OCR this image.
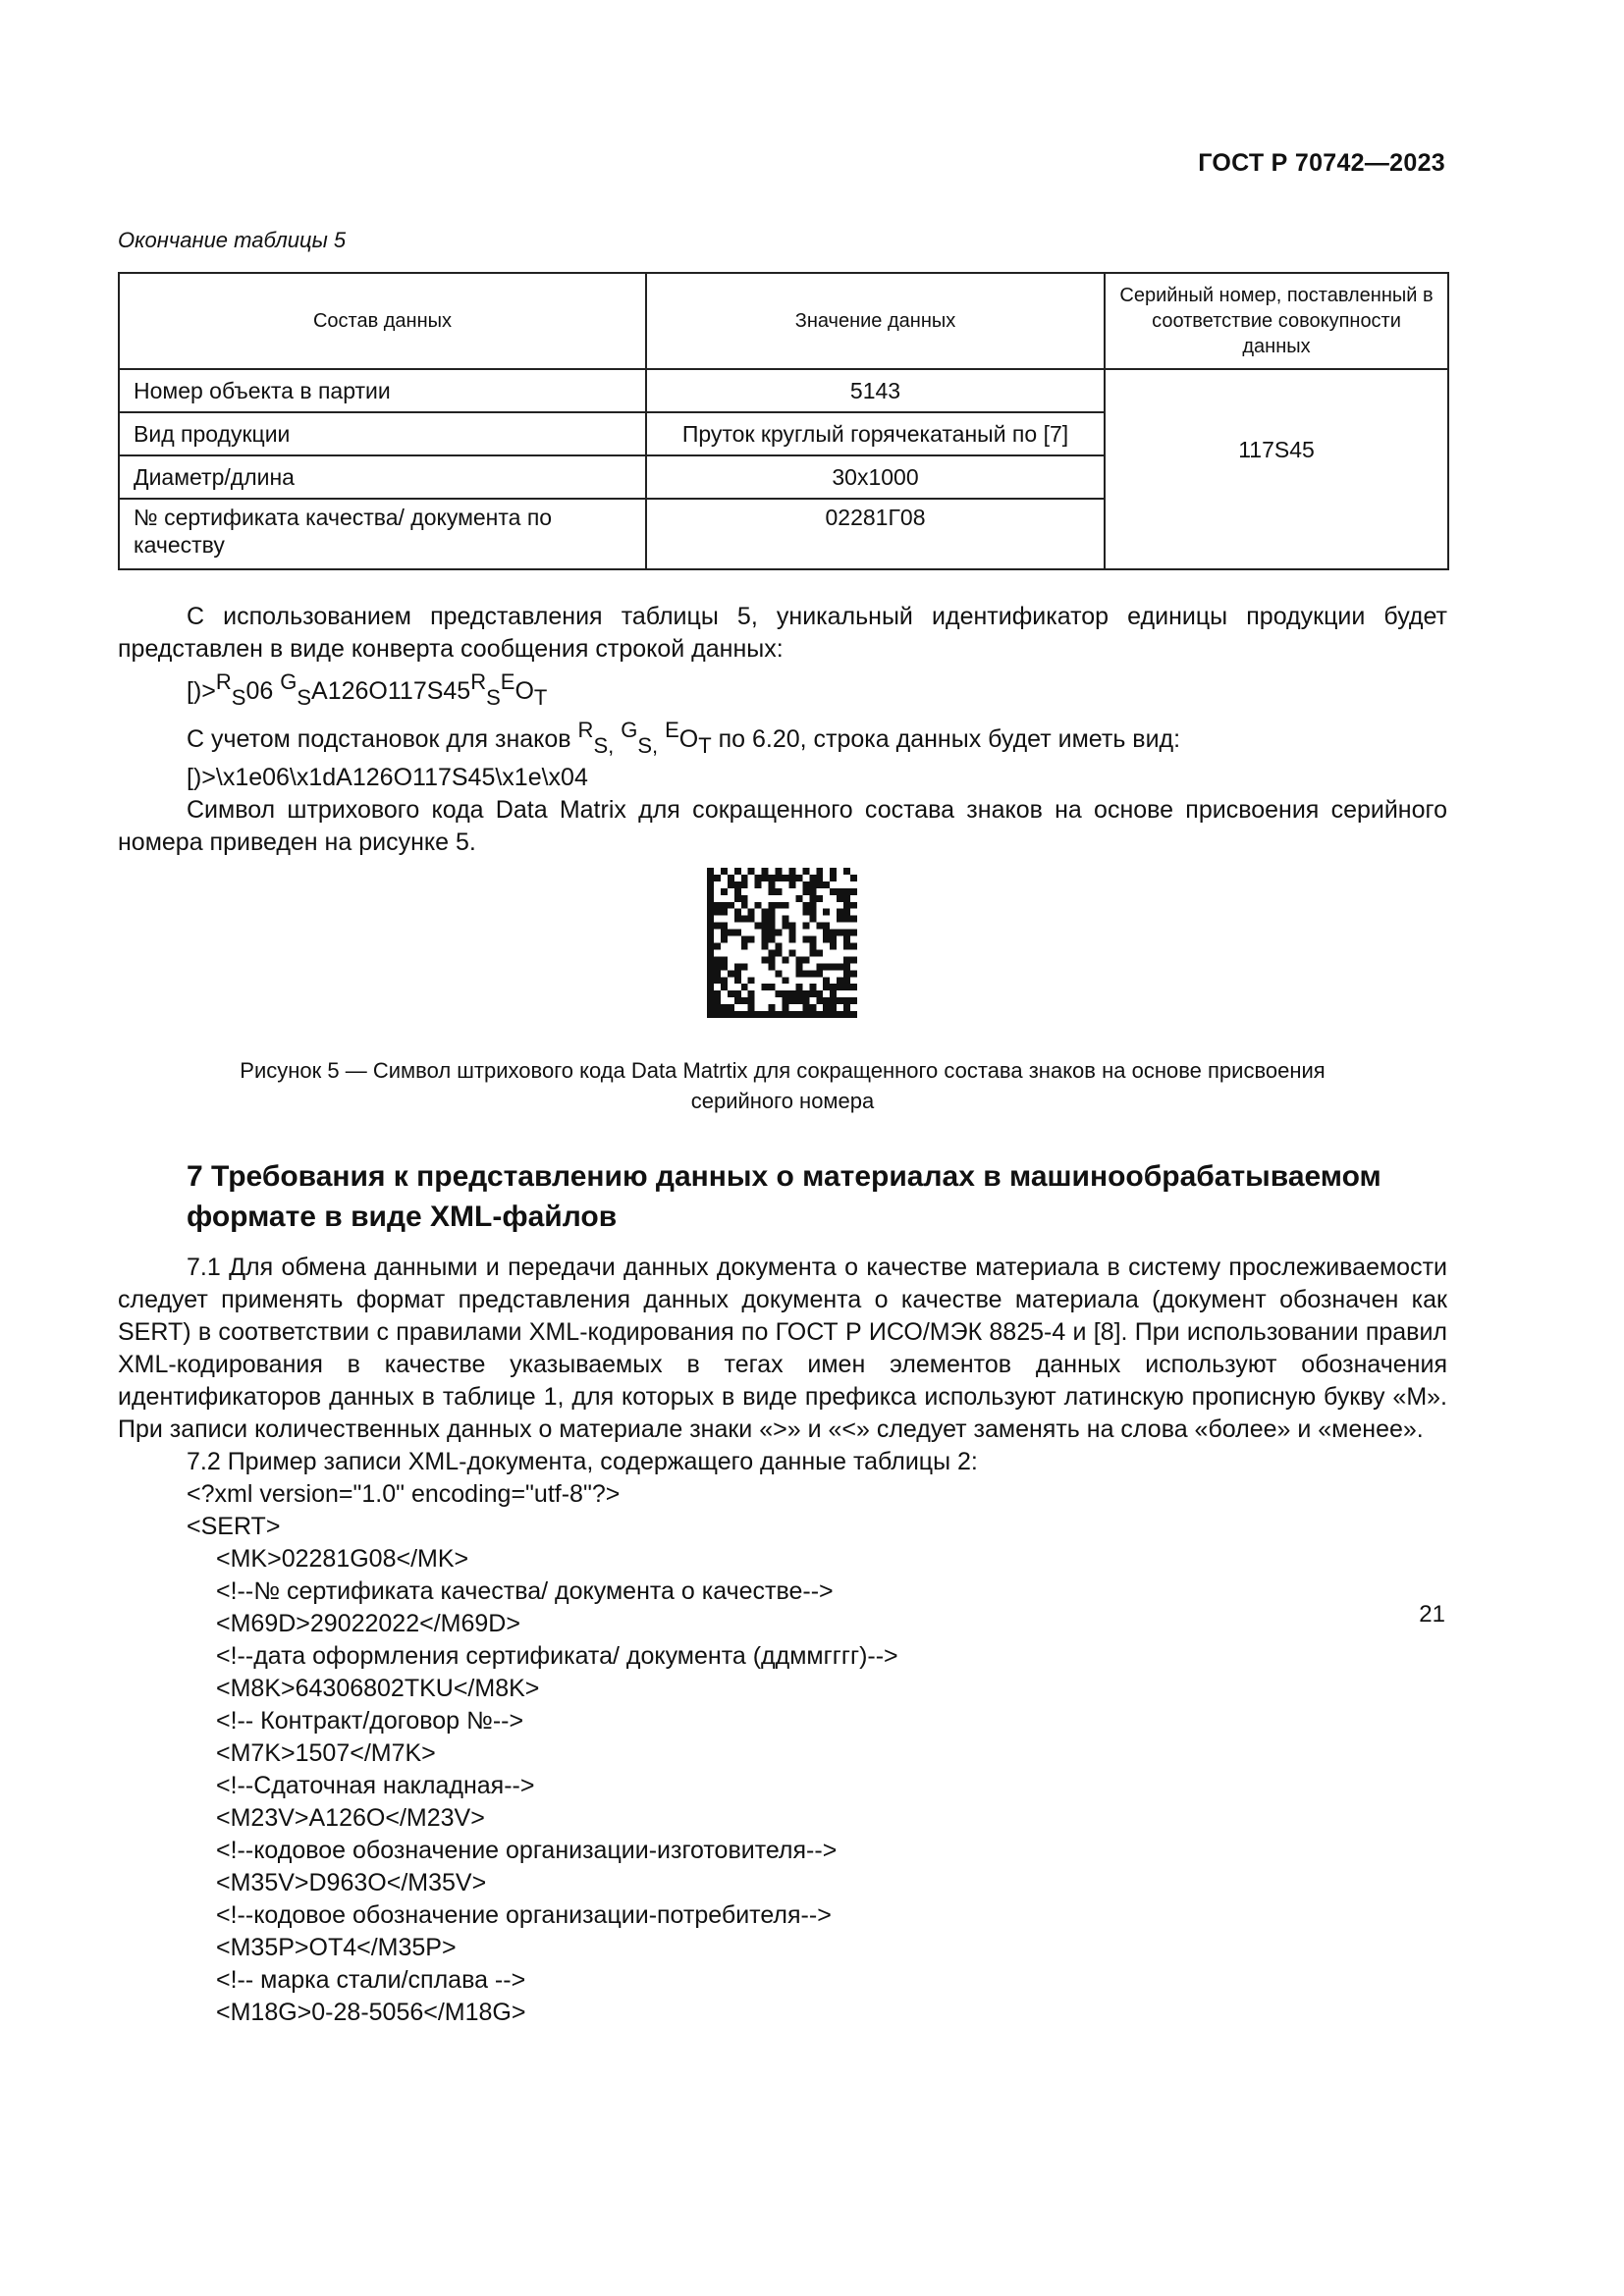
ГОСТ Р 70742—2023
Окончание таблицы 5
Состав данных	Значение данных	Серийный номер, поставленный в соответствие совокупности данных
Номер объекта в партии	5143	117S45
Вид продукции	Пруток круглый горячекатаный по [7]	
Диаметр/длина	30x1000	
№ сертификата качества/ документа по качеству	02281Г08	

С использованием представления таблицы 5, уникальный идентификатор единицы продукции будет представлен в виде конверта сообщения строкой данных:

[)>$^R_S$06 $^G_SA126O117S45^R_S^EO_T$

С учетом подстановок для знаков $^R_{S,}$ $^G_{S,}$ $^EO_T$ по 6.20, строка данных будет иметь вид:

[)>\x1e06\x1dA126O117S45\x1e\x04

Символ штрихового кода Data Matrix для сокращенного состава знаков на основе присвоения серийного номера приведен на рисунке 5.

Рисунок 5 — Символ штрихового кода Data Matrtix для сокращенного состава знаков на основе присвоения
серийного номера
7 Требования к представлению данных о материалах в машинообрабатываемом формате в виде XML-файлов

7.1 Для обмена данными и передачи данных документа о качестве материала в систему прослеживаемости следует применять формат представления данных документа о качестве материала (документ обозначен как SERT) в соответствии с правилами XML-кодирования по ГОСТ Р ИСО/МЭК 8825-4 и [8]. При использовании правил XML-кодирования в качестве указываемых в тегах имен элементов данных используют обозначения идентификаторов данных в таблице 1, для которых в виде префикса используют латинскую прописную букву «М». При записи количественных данных о материале знаки «>» и «<» следует заменять на слова «более» и «менее».

7.2 Пример записи XML-документа, содержащего данные таблицы 2:

<?xml version="1.0" encoding="utf-8"?>

<SERT>

<MK>02281G08</MK>

<!--№ сертификата качества/ документа о качестве-->

<M69D>29022022</M69D>

<!--дата оформления сертификата/ документа (ддммгггг)-->

<M8K>64306802TKU</M8K>

<!-- Контракт/договор №-->

<M7K>1507</M7K>

<!--Сдаточная накладная-->

<M23V>A126O</M23V>

<!--кодовое обозначение организации-изготовителя-->

<M35V>D963O</M35V>

<!--кодовое обозначение организации-потребителя-->

<M35P>OT4</M35P>

<!-- марка стали/сплава -->

<M18G>0-28-5056</M18G>

21
